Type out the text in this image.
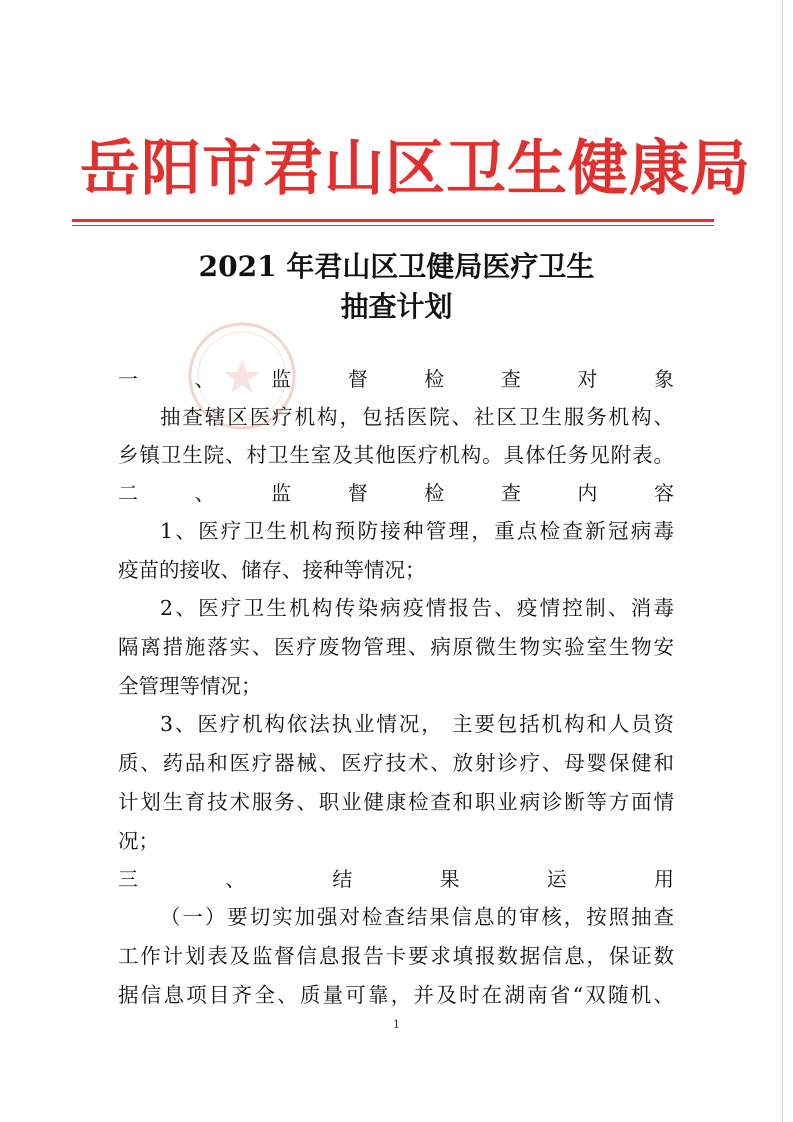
岳阳市君山区卫生健康局
2021 年君山区卫健局医疗卫生
抽查计划
一、监督检查对象
抽查辖区医疗机构，包括医院、社区卫生服务机构、
乡镇卫生院、村卫生室及其他医疗机构。具体任务见附表。
二、监督检查内容
1、医疗卫生机构预防接种管理，重点检查新冠病毒
疫苗的接收、储存、接种等情况；
2、医疗卫生机构传染病疫情报告、疫情控制、消毒
隔离措施落实、医疗废物管理、病原微生物实验室生物安
全管理等情况；
3、医疗机构依法执业情况， 主要包括机构和人员资
质、药品和医疗器械、医疗技术、放射诊疗、母婴保健和
计划生育技术服务、职业健康检查和职业病诊断等方面情
况；
三、结果运用
（一）要切实加强对检查结果信息的审核，按照抽查
工作计划表及监督信息报告卡要求填报数据信息，保证数
据信息项目齐全、质量可靠，并及时在湖南省“双随机、
1
